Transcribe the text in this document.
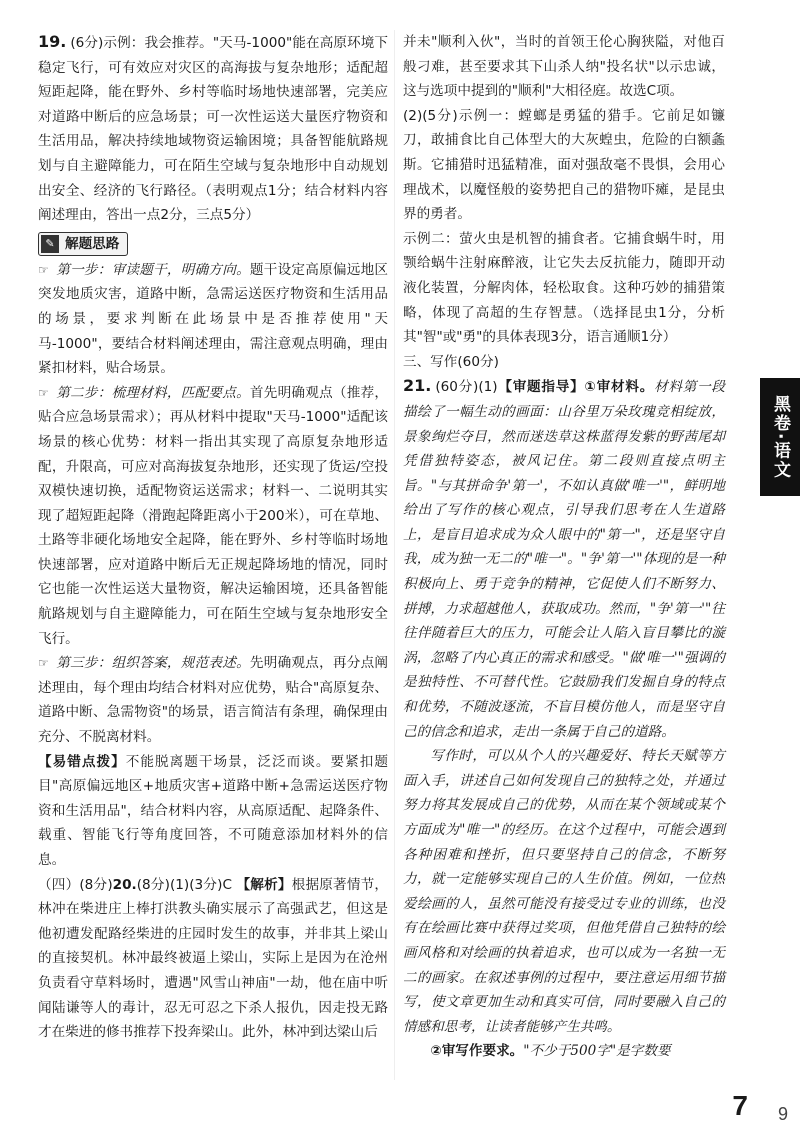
19. (6分)示例：我会推荐。"天马-1000"能在高原环境下稳定飞行，可有效应对灾区的高海拔与复杂地形；适配超短距起降，能在野外、乡村等临时场地快速部署，完美应对道路中断后的应急场景；可一次性运送大量医疗物资和生活用品，解决持续地域物资运输困境；具备智能航路规划与自主避障能力，可在陌生空域与复杂地形中自动规划出安全、经济的飞行路径。（表明观点1分；结合材料内容阐述理由，答出一点2分，三点5分）

✎ 解题思路

☞ 第一步：审读题干，明确方向。题干设定高原偏远地区突发地质灾害，道路中断，急需运送医疗物资和生活用品的场景，要求判断在此场景中是否推荐使用"天马-1000"，要结合材料阐述理由，需注意观点明确，理由紧扣材料，贴合场景。

☞ 第二步：梳理材料，匹配要点。首先明确观点（推荐，贴合应急场景需求）；再从材料中提取"天马-1000"适配该场景的核心优势：材料一指出其实现了高原复杂地形适配，升限高，可应对高海拔复杂地形，还实现了货运/空投双模快速切换，适配物资运送需求；材料一、二说明其实现了超短距起降（滑跑起降距离小于200米），可在草地、土路等非硬化场地安全起降，能在野外、乡村等临时场地快速部署，应对道路中断后无正规起降场地的情况，同时它也能一次性运送大量物资，解决运输困境，还具备智能航路规划与自主避障能力，可在陌生空域与复杂地形安全飞行。

☞ 第三步：组织答案，规范表述。先明确观点，再分点阐述理由，每个理由均结合材料对应优势，贴合"高原复杂、道路中断、急需物资"的场景，语言简洁有条理，确保理由充分、不脱离材料。

【易错点拨】不能脱离题干场景，泛泛而谈。要紧扣题目"高原偏远地区+地质灾害+道路中断+急需运送医疗物资和生活用品"，结合材料内容，从高原适配、起降条件、载重、智能飞行等角度回答，不可随意添加材料外的信息。

（四）(8分)20.(8分)(1)(3分)C 【解析】根据原著情节，林冲在柴进庄上棒打洪教头确实展示了高强武艺，但这是他初遭发配路经柴进的庄园时发生的故事，并非其上梁山的直接契机。林冲最终被逼上梁山，实际上是因为在沧州负责看守草料场时，遭遇"风雪山神庙"一劫，他在庙中听闻陆谦等人的毒计，忍无可忍之下杀人报仇，因走投无路才在柴进的修书推荐下投奔梁山。此外，林冲到达梁山后

并未"顺利入伙"，当时的首领王伦心胸狭隘，对他百般刁难，甚至要求其下山杀人纳"投名状"以示忠诚，这与选项中提到的"顺利"大相径庭。故选C项。

(2)(5分)示例一：螳螂是勇猛的猎手。它前足如镰刀，敢捕食比自己体型大的大灰蝗虫，危险的白额螽斯。它捕猎时迅猛精准，面对强敌毫不畏惧，会用心理战术，以魔怪般的姿势把自己的猎物吓瘫，是昆虫界的勇者。

示例二：萤火虫是机智的捕食者。它捕食蜗牛时，用颚给蜗牛注射麻醉液，让它失去反抗能力，随即开动液化装置，分解肉体，轻松取食。这种巧妙的捕猎策略，体现了高超的生存智慧。（选择昆虫1分，分析其"智"或"勇"的具体表现3分，语言通顺1分）

三、写作(60分)

21. (60分)(1)【审题指导】①审材料。材料第一段描绘了一幅生动的画面：山谷里万朵玫瑰竞相绽放，景象绚烂夺目，然而迷迭草这株蓝得发紫的野茜尾却凭借独特姿态，被风记住。第二段则直接点明主旨。"与其拼命争'第一'，不如认真做'唯一'"，鲜明地给出了写作的核心观点，引导我们思考在人生道路上，是盲目追求成为众人眼中的"第一"，还是坚守自我，成为独一无二的"唯一"。"争'第一'"体现的是一种积极向上、勇于竞争的精神，它促使人们不断努力、拼搏，力求超越他人，获取成功。然而，"争'第一'"往往伴随着巨大的压力，可能会让人陷入盲目攀比的漩涡，忽略了内心真正的需求和感受。"做'唯一'"强调的是独特性、不可替代性。它鼓励我们发掘自身的特点和优势，不随波逐流，不盲目模仿他人，而是坚守自己的信念和追求，走出一条属于自己的道路。

写作时，可以从个人的兴趣爱好、特长天赋等方面入手，讲述自己如何发现自己的独特之处，并通过努力将其发展成自己的优势，从而在某个领域或某个方面成为"唯一"的经历。在这个过程中，可能会遇到各种困难和挫折，但只要坚持自己的信念，不断努力，就一定能够实现自己的人生价值。例如，一位热爱绘画的人，虽然可能没有接受过专业的训练，也没有在绘画比赛中获得过奖项，但他凭借自己独特的绘画风格和对绘画的执着追求，也可以成为一名独一无二的画家。在叙述事例的过程中，要注意运用细节描写，使文章更加生动和真实可信，同时要融入自己的情感和思考，让读者能够产生共鸣。

②审写作要求。"不少于500字"是字数要

黑卷·语文
7 9
